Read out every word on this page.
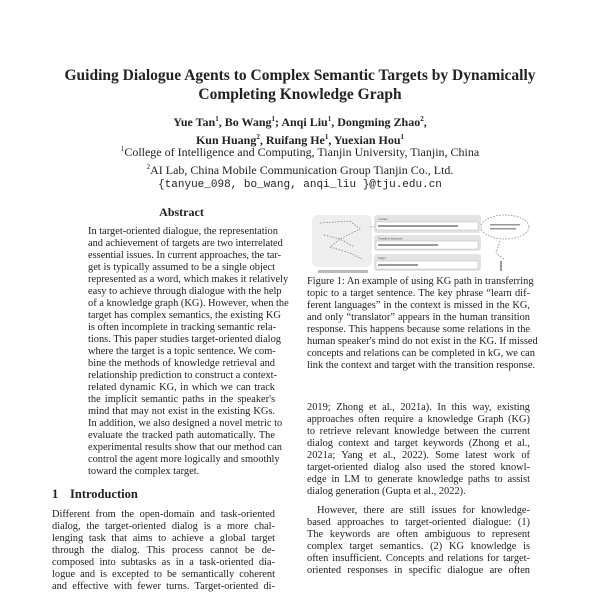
Guiding Dialogue Agents to Complex Semantic Targets by Dynamically
Completing Knowledge Graph
Yue Tan$^1$, Bo Wang$^1$; Anqi Liu$^1$, Dongming Zhao$^2$,
Kun Huang$^2$, Ruifang He$^1$, Yuexian Hou$^1$
$^1$College of Intelligence and Computing, Tianjin University, Tianjin, China
$^2$AI Lab, China Mobile Communication Group Tianjin Co., Ltd.
{tanyue_098, bo_wang, anqi_liu }@tju.edu.cn
Abstract
In target-oriented dialogue, the representation
and achievement of targets are two interrelated
essential issues. In current approaches, the tar-
get is typically assumed to be a single object
represented as a word, which makes it relatively
easy to achieve through dialogue with the help
of a knowledge graph (KG). However, when the
target has complex semantics, the existing KG
is often incomplete in tracking semantic rela-
tions. This paper studies target-oriented dialog
where the target is a topic sentence. We com-
bine the methods of knowledge retrieval and
relationship prediction to construct a context-
related dynamic KG, in which we can track
the implicit semantic paths in the speaker's
mind that may not exist in the existing KGs.
In addition, we also designed a novel metric to
evaluate the tracked path automatically. The
experimental results show that our method can
control the agent more logically and smoothly
toward the complex target.
1 Introduction
Different from the open-domain and task-oriented
dialog, the target-oriented dialog is a more chal-
lenging task that aims to achieve a global target
through the dialog. This process cannot be de-
composed into subtasks as in a task-oriented dia-
logue and is excepted to be semantically coherent
and effective with fewer turns. Target-oriented di-
Context
Transition Response
Target
Figure 1: An example of using KG path in transferring
topic to a target sentence. The key phrase “learn dif-
ferent languages” in the context is missed in the KG,
and only “translator” appears in the human transition
response. This happens because some relations in the
human speaker's mind do not exist in the KG. If missed
concepts and relations can be completed in kG, we can
link the context and target with the transition response.
2019; Zhong et al., 2021a). In this way, existing
approaches often require a knowledge Graph (KG)
to retrieve relevant knowledge between the current
dialog context and target keywords (Zhong et al.,
2021a; Yang et al., 2022). Some latest work of
target-oriented dialog also used the stored knowl-
edge in LM to generate knowledge paths to assist
dialog generation (Gupta et al., 2022).
However, there are still issues for knowledge-
based approaches to target-oriented dialogue: (1)
The keywords are often ambiguous to represent
complex target semantics. (2) KG knowledge is
often insufficient. Concepts and relations for target-
oriented responses in specific dialogue are often
